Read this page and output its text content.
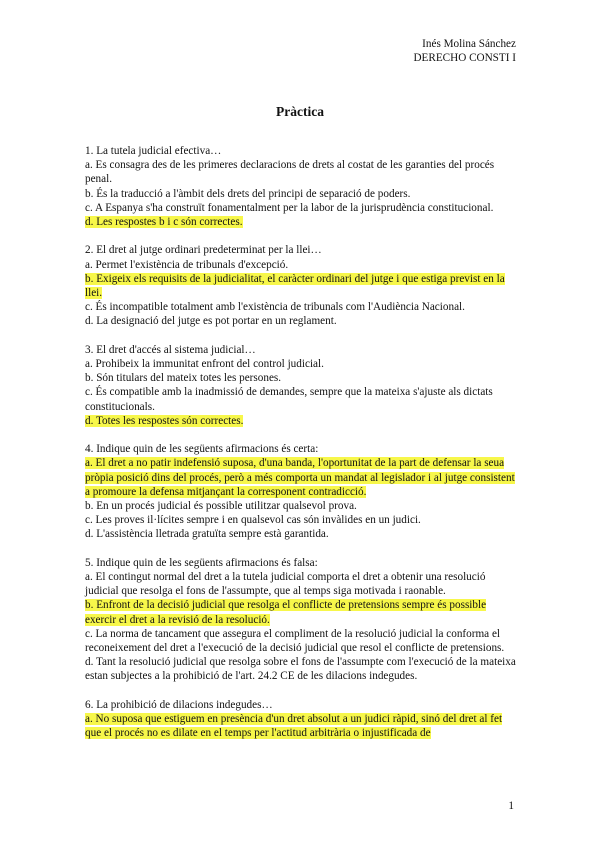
Inés Molina Sánchez
DERECHO CONSTI I
Pràctica
1. La tutela judicial efectiva…
a. Es consagra des de les primeres declaracions de drets al costat de les garanties del procés penal.
b. És la traducció a l'àmbit dels drets del principi de separació de poders.
c. A Espanya s'ha construït fonamentalment per la labor de la jurisprudència constitucional.
d. Les respostes b i c són correctes.
2. El dret al jutge ordinari predeterminat per la llei…
a. Permet l'existència de tribunals d'excepció.
b. Exigeix els requisits de la judicialitat, el caràcter ordinari del jutge i que estiga previst en la llei.
c. És incompatible totalment amb l'existència de tribunals com l'Audiència Nacional.
d. La designació del jutge es pot portar en un reglament.
3. El dret d'accés al sistema judicial…
a. Prohibeix la immunitat enfront del control judicial.
b. Són titulars del mateix totes les persones.
c. És compatible amb la inadmissió de demandes, sempre que la mateixa s'ajuste als dictats constitucionals.
d. Totes les respostes són correctes.
4. Indique quin de les següents afirmacions és certa:
a. El dret a no patir indefensió suposa, d'una banda, l'oportunitat de la part de defensar la seua pròpia posició dins del procés, però a més comporta un mandat al legislador i al jutge consistent a promoure la defensa mitjançant la corresponent contradicció.
b. En un procés judicial és possible utilitzar qualsevol prova.
c. Les proves il·lícites sempre i en qualsevol cas són invàlides en un judici.
d. L'assistència lletrada gratuïta sempre està garantida.
5. Indique quin de les següents afirmacions és falsa:
a. El contingut normal del dret a la tutela judicial comporta el dret a obtenir una resolució judicial que resolga el fons de l'assumpte, que al temps siga motivada i raonable.
b. Enfront de la decisió judicial que resolga el conflicte de pretensions sempre és possible exercir el dret a la revisió de la resolució.
c. La norma de tancament que assegura el compliment de la resolució judicial la conforma el reconeixement del dret a l'execució de la decisió judicial que resol el conflicte de pretensions.
d. Tant la resolució judicial que resolga sobre el fons de l'assumpte com l'execució de la mateixa estan subjectes a la prohibició de l'art. 24.2 CE de les dilacions indegudes.
6. La prohibició de dilacions indegudes…
a. No suposa que estiguem en presència d'un dret absolut a un judici ràpid, sinó del dret al fet que el procés no es dilate en el temps per l'actitud arbitrària o injustificada de
1
